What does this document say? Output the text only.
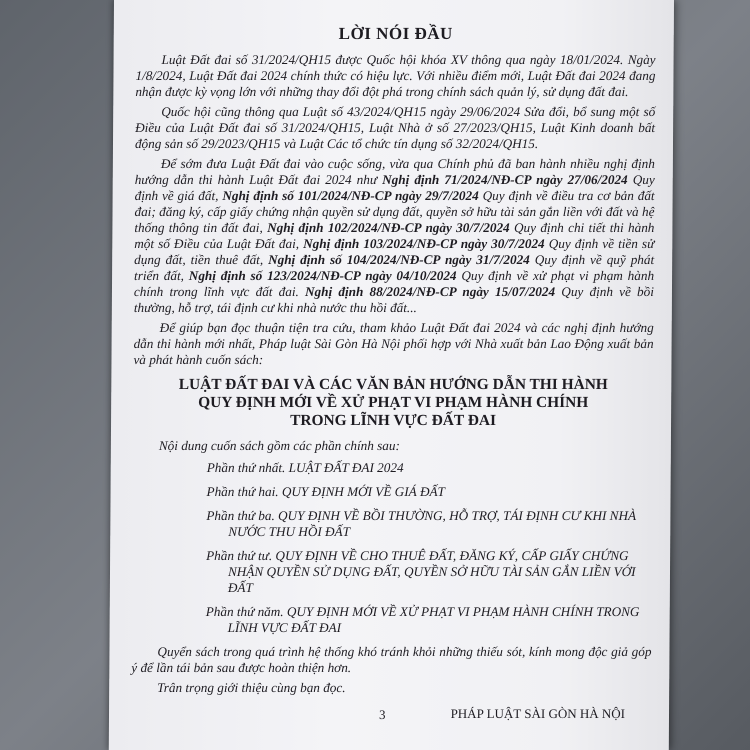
LỜI NÓI ĐẦU

Luật Đất đai số 31/2024/QH15 được Quốc hội khóa XV thông qua ngày 18/01/2024. Ngày 1/8/2024, Luật Đất đai 2024 chính thức có hiệu lực. Với nhiều điểm mới, Luật Đất đai 2024 đang nhận được kỳ vọng lớn với những thay đổi đột phá trong chính sách quản lý, sử dụng đất đai.

Quốc hội cũng thông qua Luật số 43/2024/QH15 ngày 29/06/2024 Sửa đổi, bổ sung một số Điều của Luật Đất đai số 31/2024/QH15, Luật Nhà ở số 27/2023/QH15, Luật Kinh doanh bất động sản số 29/2023/QH15 và Luật Các tổ chức tín dụng số 32/2024/QH15.

Để sớm đưa Luật Đất đai vào cuộc sống, vừa qua Chính phủ đã ban hành nhiều nghị định hướng dẫn thi hành Luật Đất đai 2024 như Nghị định 71/2024/NĐ-CP ngày 27/06/2024 Quy định về giá đất, Nghị định số 101/2024/NĐ-CP ngày 29/7/2024 Quy định về điều tra cơ bản đất đai; đăng ký, cấp giấy chứng nhận quyền sử dụng đất, quyền sở hữu tài sản gắn liền với đất và hệ thống thông tin đất đai, Nghị định 102/2024/NĐ-CP ngày 30/7/2024 Quy định chi tiết thi hành một số Điều của Luật Đất đai, Nghị định 103/2024/NĐ-CP ngày 30/7/2024 Quy định về tiền sử dụng đất, tiền thuê đất, Nghị định số 104/2024/NĐ-CP ngày 31/7/2024 Quy định về quỹ phát triển đất, Nghị định số 123/2024/NĐ-CP ngày 04/10/2024 Quy định về xử phạt vi phạm hành chính trong lĩnh vực đất đai. Nghị định 88/2024/NĐ-CP ngày 15/07/2024 Quy định về bồi thường, hỗ trợ, tái định cư khi nhà nước thu hồi đất...

Để giúp bạn đọc thuận tiện tra cứu, tham khảo Luật Đất đai 2024 và các nghị định hướng dẫn thi hành mới nhất, Pháp luật Sài Gòn Hà Nội phối hợp với Nhà xuất bản Lao Động xuất bản và phát hành cuốn sách:

LUẬT ĐẤT ĐAI VÀ CÁC VĂN BẢN HƯỚNG DẪN THI HÀNH
QUY ĐỊNH MỚI VỀ XỬ PHẠT VI PHẠM HÀNH CHÍNH
TRONG LĨNH VỰC ĐẤT ĐAI

Nội dung cuốn sách gồm các phần chính sau:

Phần thứ nhất. LUẬT ĐẤT ĐAI 2024
Phần thứ hai. QUY ĐỊNH MỚI VỀ GIÁ ĐẤT
Phần thứ ba. QUY ĐỊNH VỀ BỒI THƯỜNG, HỖ TRỢ, TÁI ĐỊNH CƯ KHI NHÀ
NƯỚC THU HỒI ĐẤT
Phần thứ tư. QUY ĐỊNH VỀ CHO THUÊ ĐẤT, ĐĂNG KÝ, CẤP GIẤY CHỨNG
NHẬN QUYỀN SỬ DỤNG ĐẤT, QUYỀN SỞ HỮU TÀI SẢN GẮN LIỀN VỚI ĐẤT
Phần thứ năm. QUY ĐỊNH MỚI VỀ XỬ PHẠT VI PHẠM HÀNH CHÍNH TRONG
LĨNH VỰC ĐẤT ĐAI

Quyển sách trong quá trình hệ thống khó tránh khỏi những thiếu sót, kính mong độc giả góp ý để lần tái bản sau được hoàn thiện hơn.

Trân trọng giới thiệu cùng bạn đọc.

PHÁP LUẬT SÀI GÒN HÀ NỘI
3
